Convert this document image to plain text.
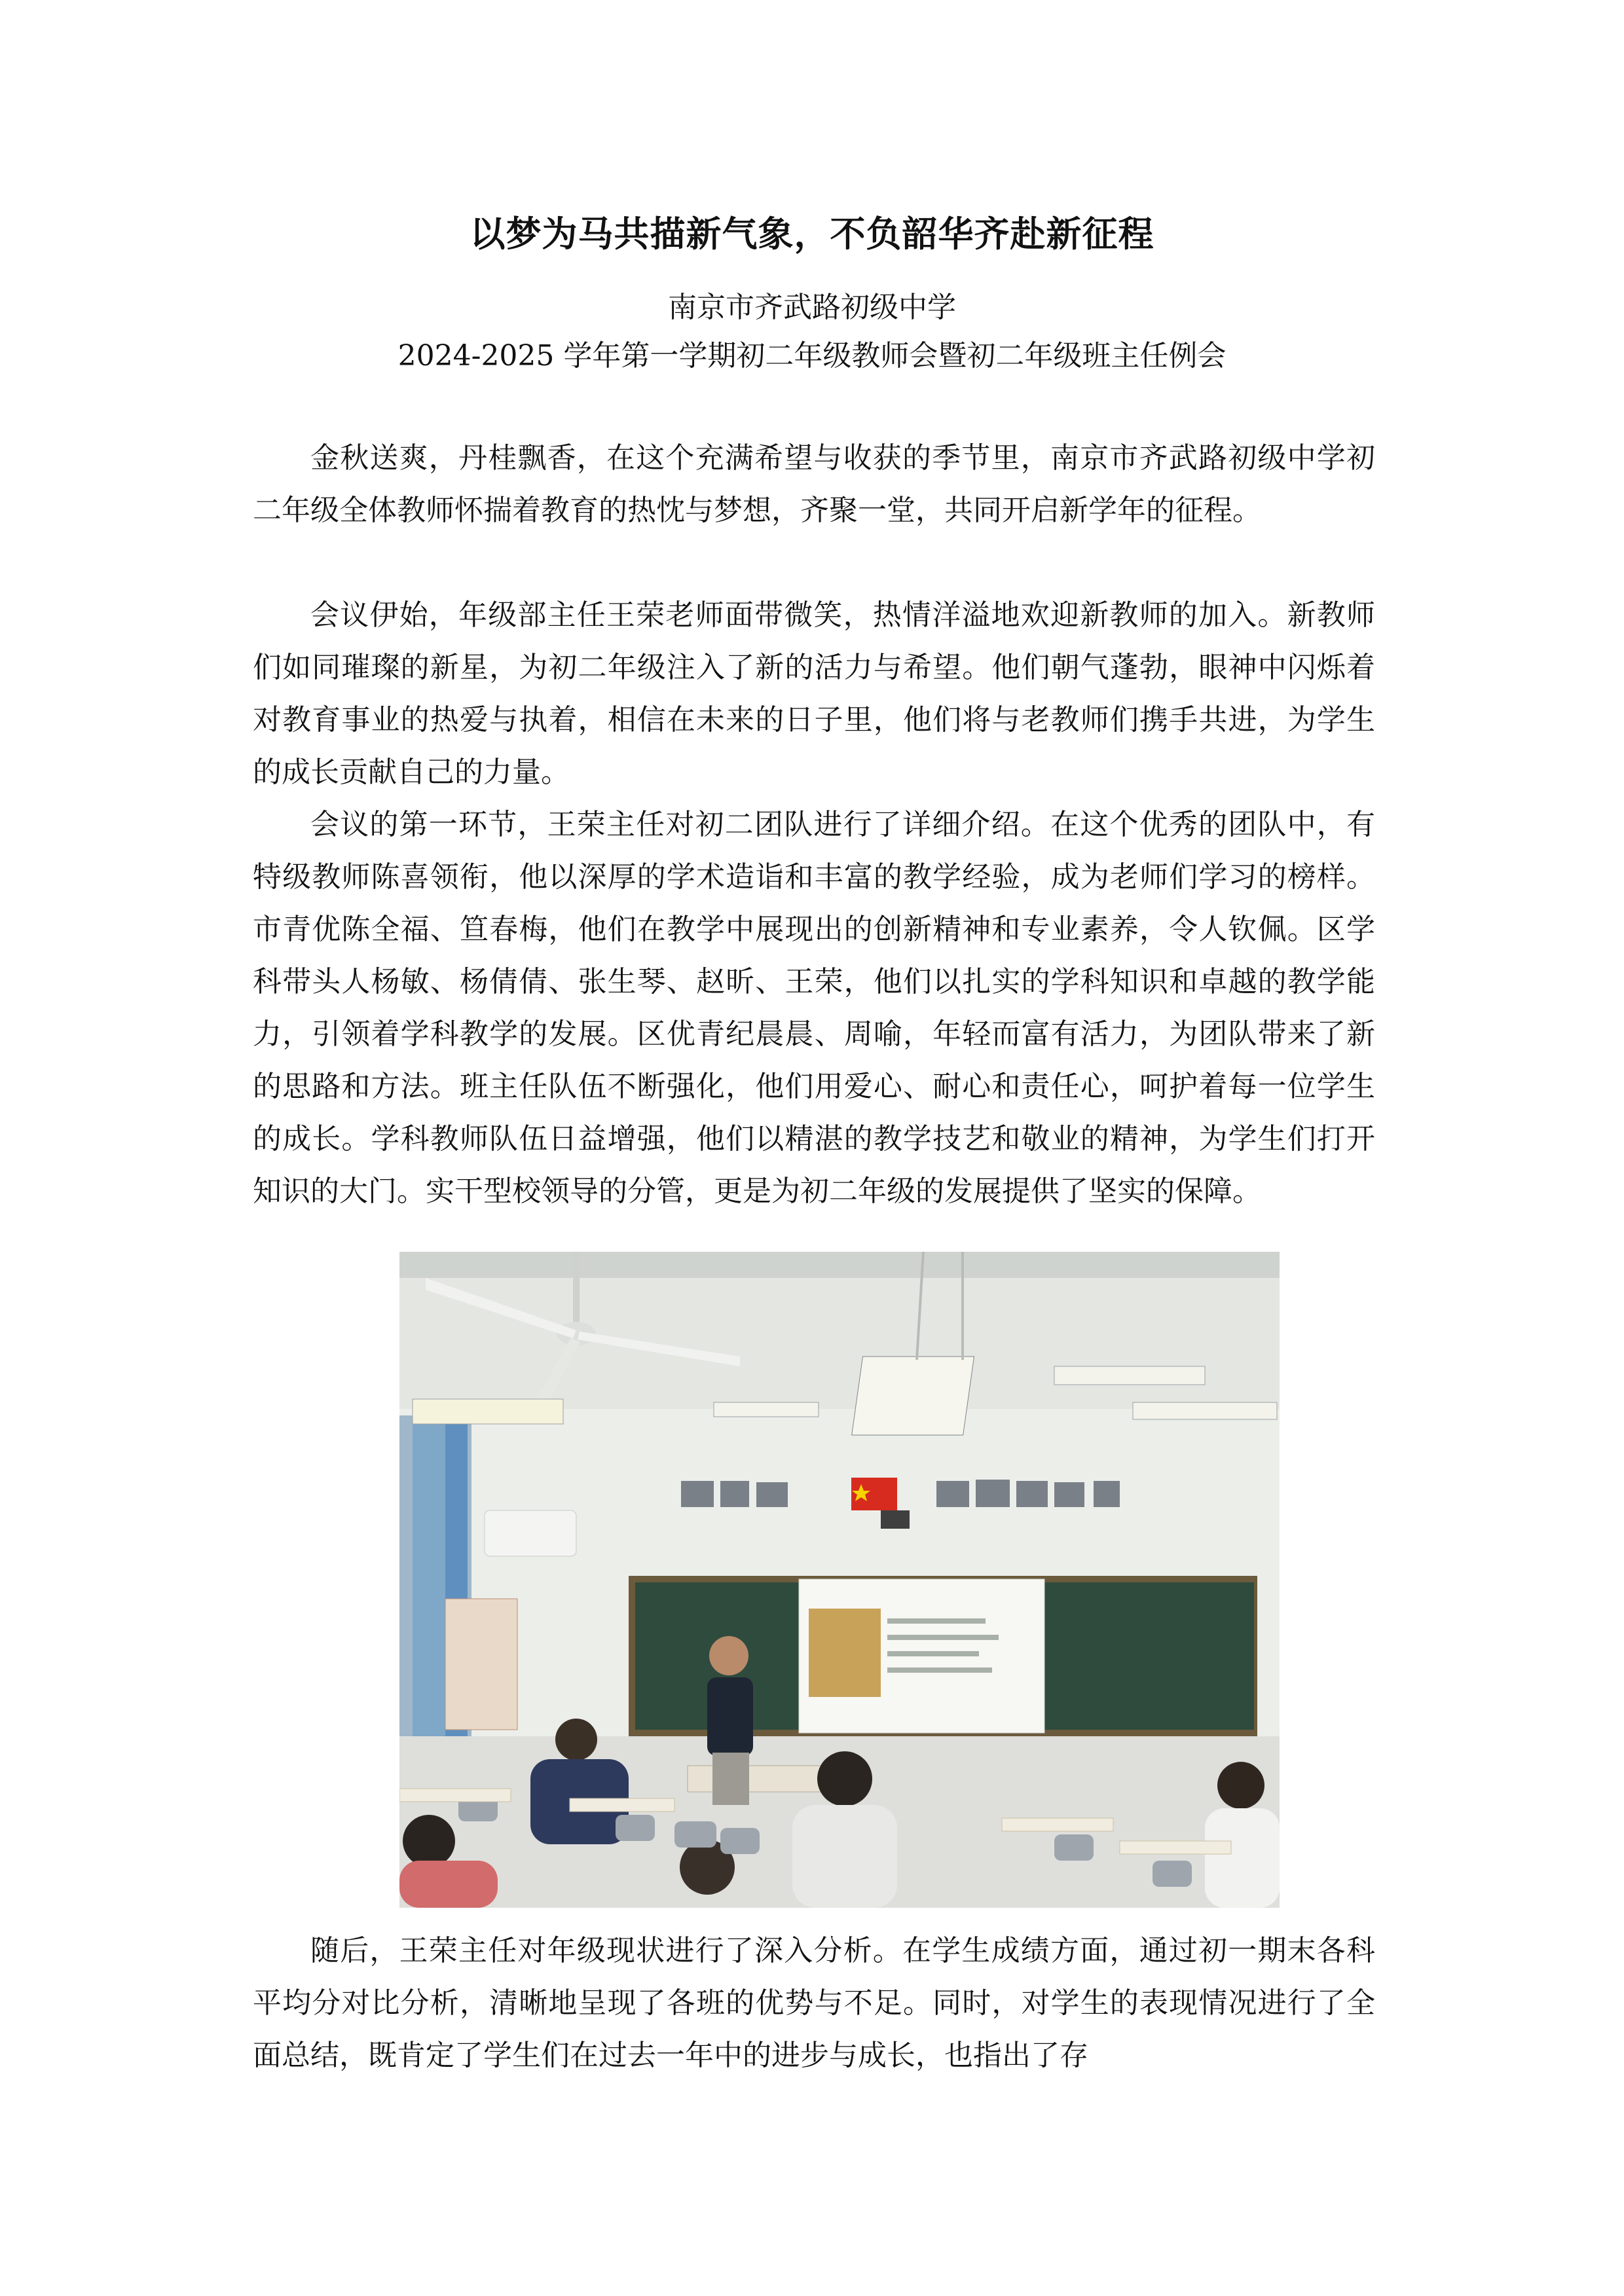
以梦为马共描新气象，不负韶华齐赴新征程
南京市齐武路初级中学
2024-2025 学年第一学期初二年级教师会暨初二年级班主任例会

金秋送爽，丹桂飘香，在这个充满希望与收获的季节里，南京市齐武路初级中学初二年级全体教师怀揣着教育的热忱与梦想，齐聚一堂，共同开启新学年的征程。

会议伊始，年级部主任王荣老师面带微笑，热情洋溢地欢迎新教师的加入。新教师们如同璀璨的新星，为初二年级注入了新的活力与希望。他们朝气蓬勃，眼神中闪烁着对教育事业的热爱与执着，相信在未来的日子里，他们将与老教师们携手共进，为学生的成长贡献自己的力量。

会议的第一环节，王荣主任对初二团队进行了详细介绍。在这个优秀的团队中，有特级教师陈喜领衔，他以深厚的学术造诣和丰富的教学经验，成为老师们学习的榜样。市青优陈全福、笪春梅，他们在教学中展现出的创新精神和专业素养，令人钦佩。区学科带头人杨敏、杨倩倩、张生琴、赵昕、王荣，他们以扎实的学科知识和卓越的教学能力，引领着学科教学的发展。区优青纪晨晨、周喻，年轻而富有活力，为团队带来了新的思路和方法。班主任队伍不断强化，他们用爱心、耐心和责任心，呵护着每一位学生的成长。学科教师队伍日益增强，他们以精湛的教学技艺和敬业的精神，为学生们打开知识的大门。实干型校领导的分管，更是为初二年级的发展提供了坚实的保障。

随后，王荣主任对年级现状进行了深入分析。在学生成绩方面，通过初一期末各科平均分对比分析，清晰地呈现了各班的优势与不足。同时，对学生的表现情况进行了全面总结，既肯定了学生们在过去一年中的进步与成长，也指出了存
